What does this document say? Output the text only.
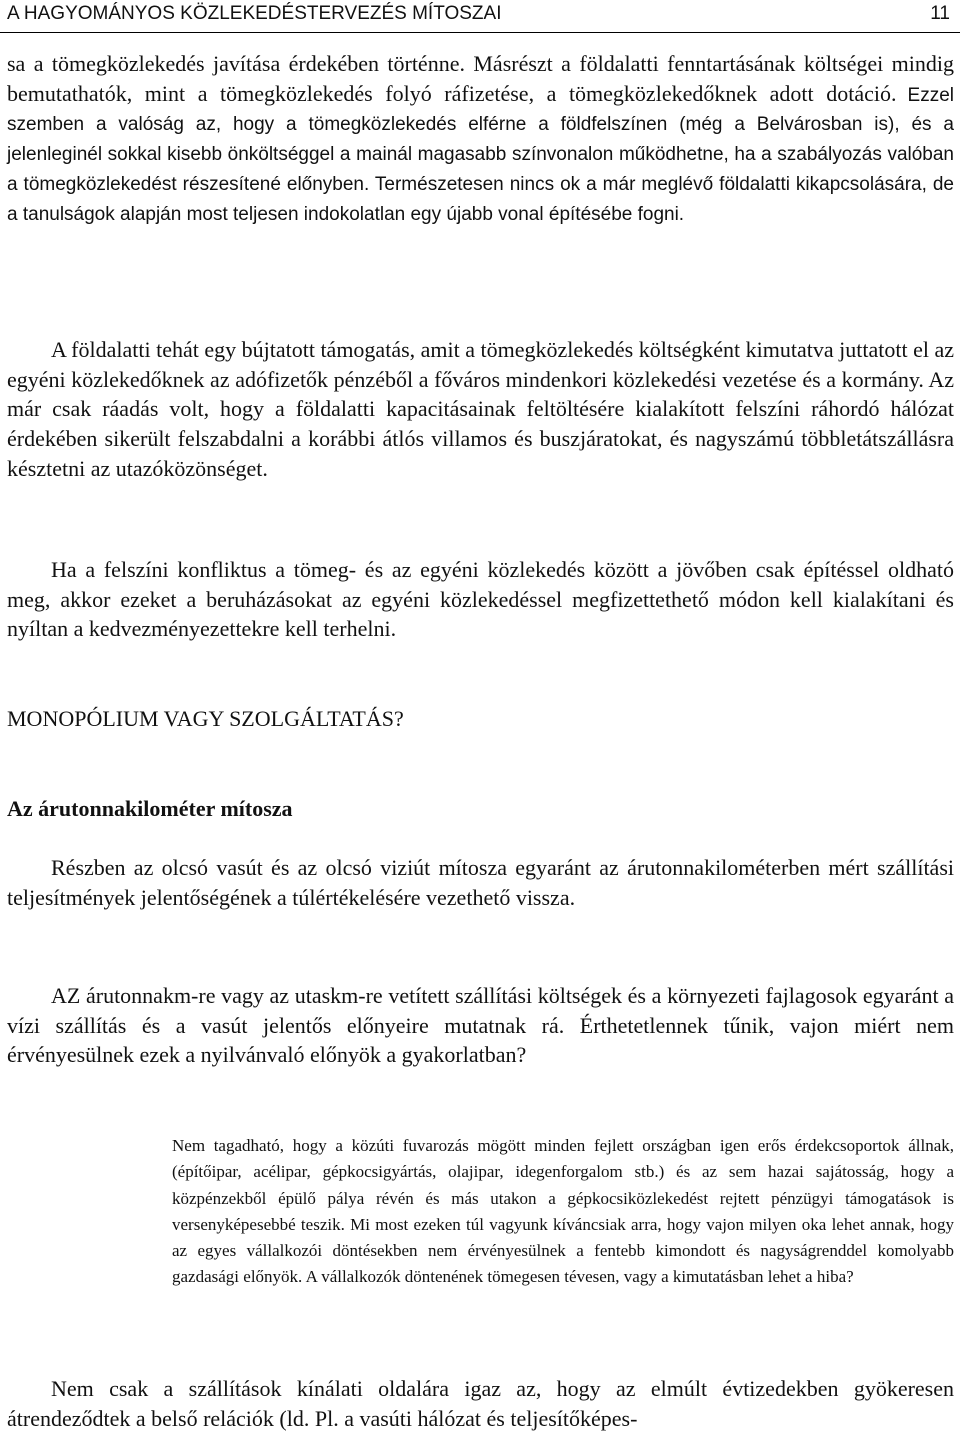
A HAGYOMÁNYOS KÖZLEKEDÉSTERVEZÉS MÍTOSZAI	11

sa a tömegközlekedés javítása érdekében történne. Másrészt a földalatti fenntartásának költségei mindig bemutathatók, mint a tömegközlekedés folyó ráfizetése, a tömegközlekedőknek adott dotáció. Ezzel szemben a valóság az, hogy a tömegközlekedés elférne a földfelszínen (még a Belvárosban is), és a jelenleginél sokkal kisebb önköltséggel a mainál magasabb színvonalon működhetne, ha a szabályozás valóban a tömegközlekedést részesítené előnyben. Természetesen nincs ok a már meglévő földalatti kikapcsolására, de a tanulságok alapján most teljesen indokolatlan egy újabb vonal építésébe fogni.

A földalatti tehát egy bújtatott támogatás, amit a tömegközlekedés költségként kimutatva juttatott el az egyéni közlekedőknek az adófizetők pénzéből a főváros mindenkori közlekedési vezetése és a kormány. Az már csak ráadás volt, hogy a földalatti kapacitásainak feltöltésére kialakított felszíni ráhordó hálózat érdekében sikerült felszabdalni a korábbi átlós villamos és buszjáratokat, és nagyszámú többletátszállásra késztetni az utazóközönséget.

Ha a felszíni konfliktus a tömeg- és az egyéni közlekedés között a jövőben csak építéssel oldható meg, akkor ezeket a beruházásokat az egyéni közlekedéssel megfizettethető módon kell kialakítani és nyíltan a kedvezményezettekre kell terhelni.

MONOPÓLIUM VAGY SZOLGÁLTATÁS?
Az árutonnakilométer mítosza

Részben az olcsó vasút és az olcsó viziút mítosza egyaránt az árutonnakilométerben mért szállítási teljesítmények jelentőségének a túlértékelésére vezethető vissza.

AZ árutonnakm-re vagy az utaskm-re vetített szállítási költségek és a környezeti fajlagosok egyaránt a vízi szállítás és a vasút jelentős előnyeire mutatnak rá. Érthetetlennek tűnik, vajon miért nem érvényesülnek ezek a nyilvánvaló előnyök a gyakorlatban?

Nem tagadható, hogy a közúti fuvarozás mögött minden fejlett országban igen erős érdekcsoportok állnak, (építőipar, acélipar, gépkocsigyártás, olajipar, idegenforgalom stb.) és az sem hazai sajátosság, hogy a közpénzekből épülő pálya révén és más utakon a gépkocsiközlekedést rejtett pénzügyi támogatások is versenyképesebbé teszik. Mi most ezeken túl vagyunk kíváncsiak arra, hogy vajon milyen oka lehet annak, hogy az egyes vállalkozói döntésekben nem érvényesülnek a fentebb kimondott és nagyságrenddel komolyabb gazdasági előnyök. A vállalkozók döntenének tömegesen tévesen, vagy a kimutatásban lehet a hiba?

Nem csak a szállítások kínálati oldalára igaz az, hogy az elmúlt évtizedekben gyökeresen átrendeződtek a belső relációk (ld. Pl. a vasúti hálózat és teljesítőképes-
